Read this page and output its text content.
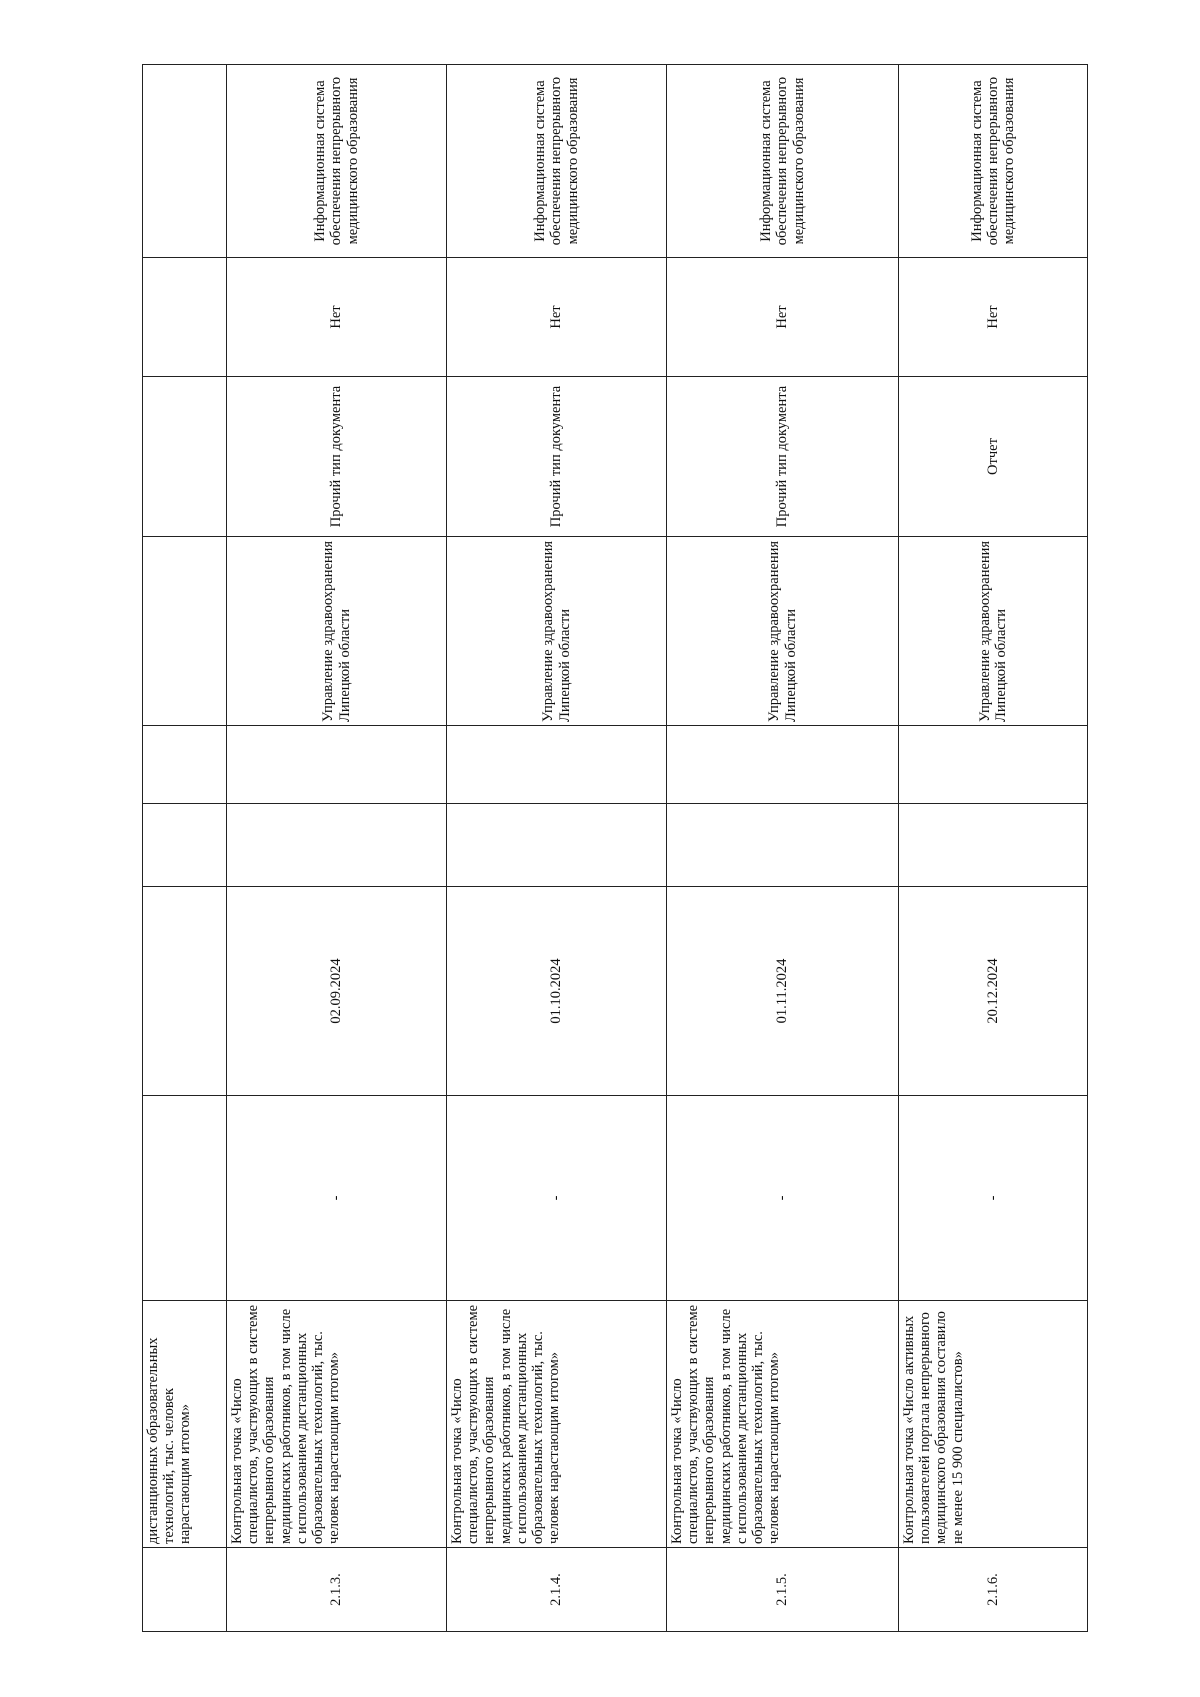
	дистанционных образовательных технологий, тыс. человек нарастающим итогом»								
2.1.3.	Контрольная точка «Число специалистов, участвующих в системе непрерывного образования медицинских работников, в том числе с использованием дистанционных образовательных технологий, тыс. человек нарастающим итогом»	-	02.09.2024			Управление здравоохранения Липецкой области	Прочий тип документа	Нет	Информационная система обеспечения непрерывного медицинского образования
2.1.4.	Контрольная точка «Число специалистов, участвующих в системе непрерывного образования медицинских работников, в том числе с использованием дистанционных образовательных технологий, тыс. человек нарастающим итогом»	-	01.10.2024			Управление здравоохранения Липецкой области	Прочий тип документа	Нет	Информационная система обеспечения непрерывного медицинского образования
2.1.5.	Контрольная точка «Число специалистов, участвующих в системе непрерывного образования медицинских работников, в том числе с использованием дистанционных образовательных технологий, тыс. человек нарастающим итогом»	-	01.11.2024			Управление здравоохранения Липецкой области	Прочий тип документа	Нет	Информационная система обеспечения непрерывного медицинского образования
2.1.6.	Контрольная точка «Число активных пользователей портала непрерывного медицинского образования составило не менее 15 900 специалистов»	-	20.12.2024			Управление здравоохранения Липецкой области	Отчет	Нет	Информационная система обеспечения непрерывного медицинского образования
